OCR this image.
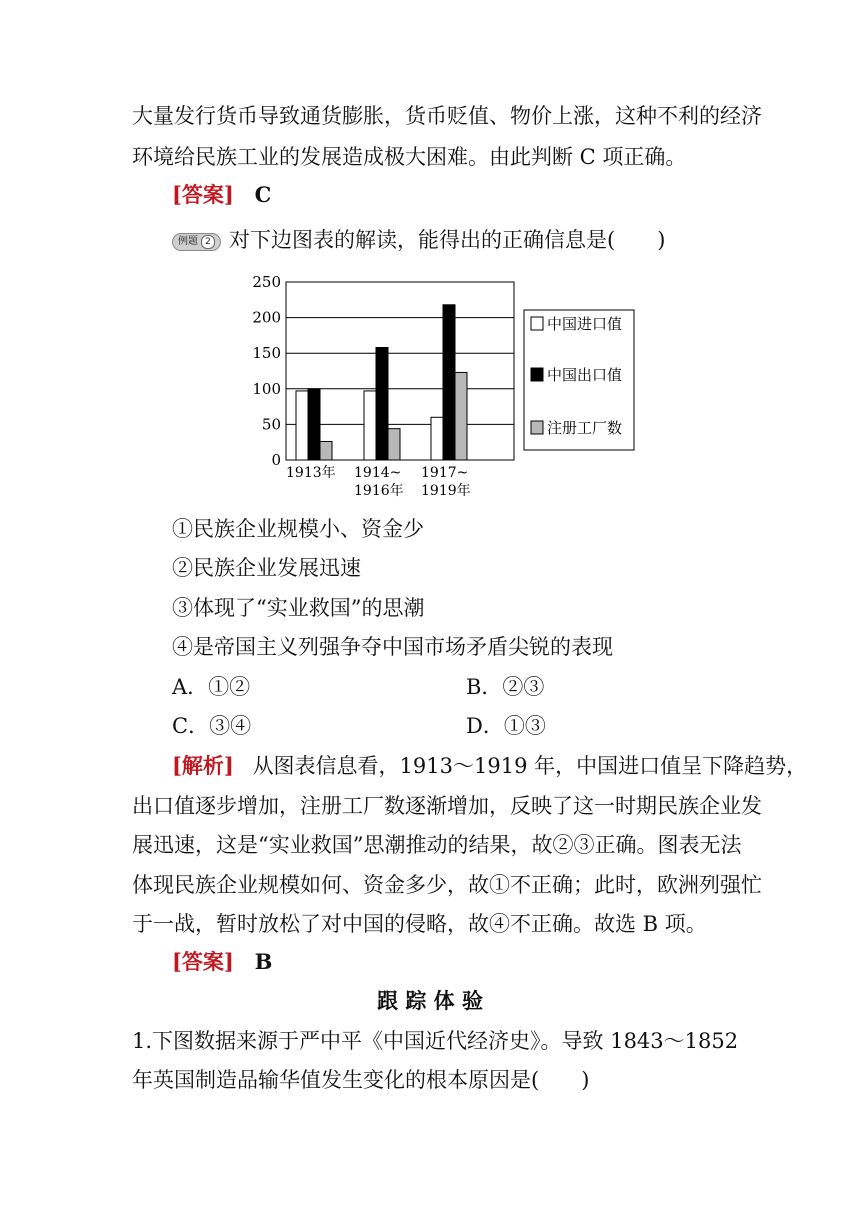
大量发行货币导致通货膨胀，货币贬值、物价上涨，这种不利的经济
环境给民族工业的发展造成极大困难。由此判断 C 项正确。
[答案] C
例题 2 对下边图表的解读，能得出的正确信息是(　　)
250
200
150
100
50
0
1913年 1914~
1916年
1917~
1919年
中国进口值
中国出口值
注册工厂数
①民族企业规模小、资金少
②民族企业发展迅速
③体现了“实业救国”的思潮
④是帝国主义列强争夺中国市场矛盾尖锐的表现
A．①②	B．②③
C．③④	D．①③
[解析] 从图表信息看，1913～1919 年，中国进口值呈下降趋势，
出口值逐步增加，注册工厂数逐渐增加，反映了这一时期民族企业发
展迅速，这是“实业救国”思潮推动的结果，故②③正确。图表无法
体现民族企业规模如何、资金多少，故①不正确；此时，欧洲列强忙
于一战，暂时放松了对中国的侵略，故④不正确。故选 B 项。
[答案] B
跟 踪 体 验
1.下图数据来源于严中平《中国近代经济史》。导致 1843～1852
年英国制造品输华值发生变化的根本原因是(　　)
